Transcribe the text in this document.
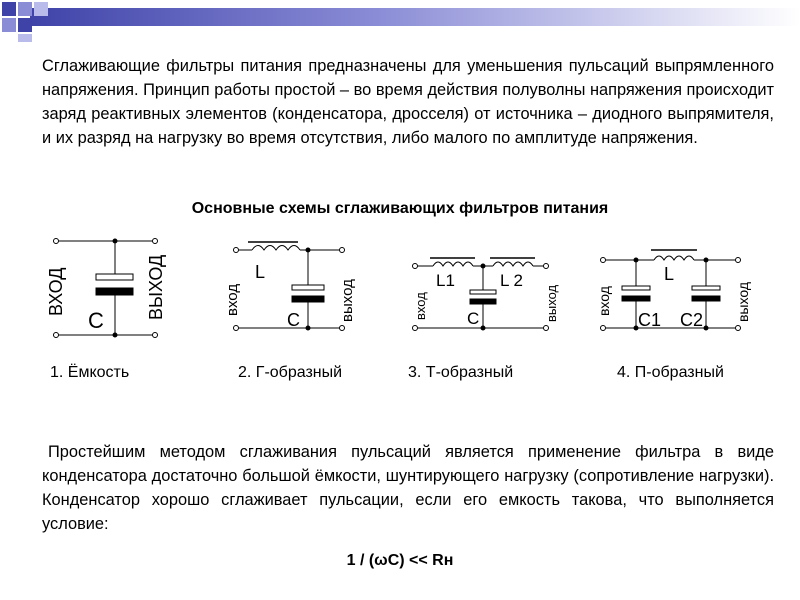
Сглаживающие фильтры питания предназначены для уменьшения пульсаций выпрямленного напряжения. Принцип работы простой – во время действия полуволны напряжения происходит заряд реактивных элементов (конденсатора, дросселя) от источника – диодного выпрямителя, и их разряд на нагрузку во время отсутствия, либо малого по амплитуде напряжения.

Основные схемы сглаживающих фильтров питания
ВХОД	ВЫХОД
C
вход	выход
L
C	вход	выход
L1	L 2
C
вход	выход
L
C1 C2
1. Ёмкость	2. Г-образный	3. Т-образный	4. П-образный

Простейшим методом сглаживания пульсаций является применение фильтра в виде конденсатора достаточно большой ёмкости, шунтирующего нагрузку (сопротивление нагрузки). Конденсатор хорошо сглаживает пульсации, если его емкость такова, что выполняется условие:

1 / (ωC) << Rн
